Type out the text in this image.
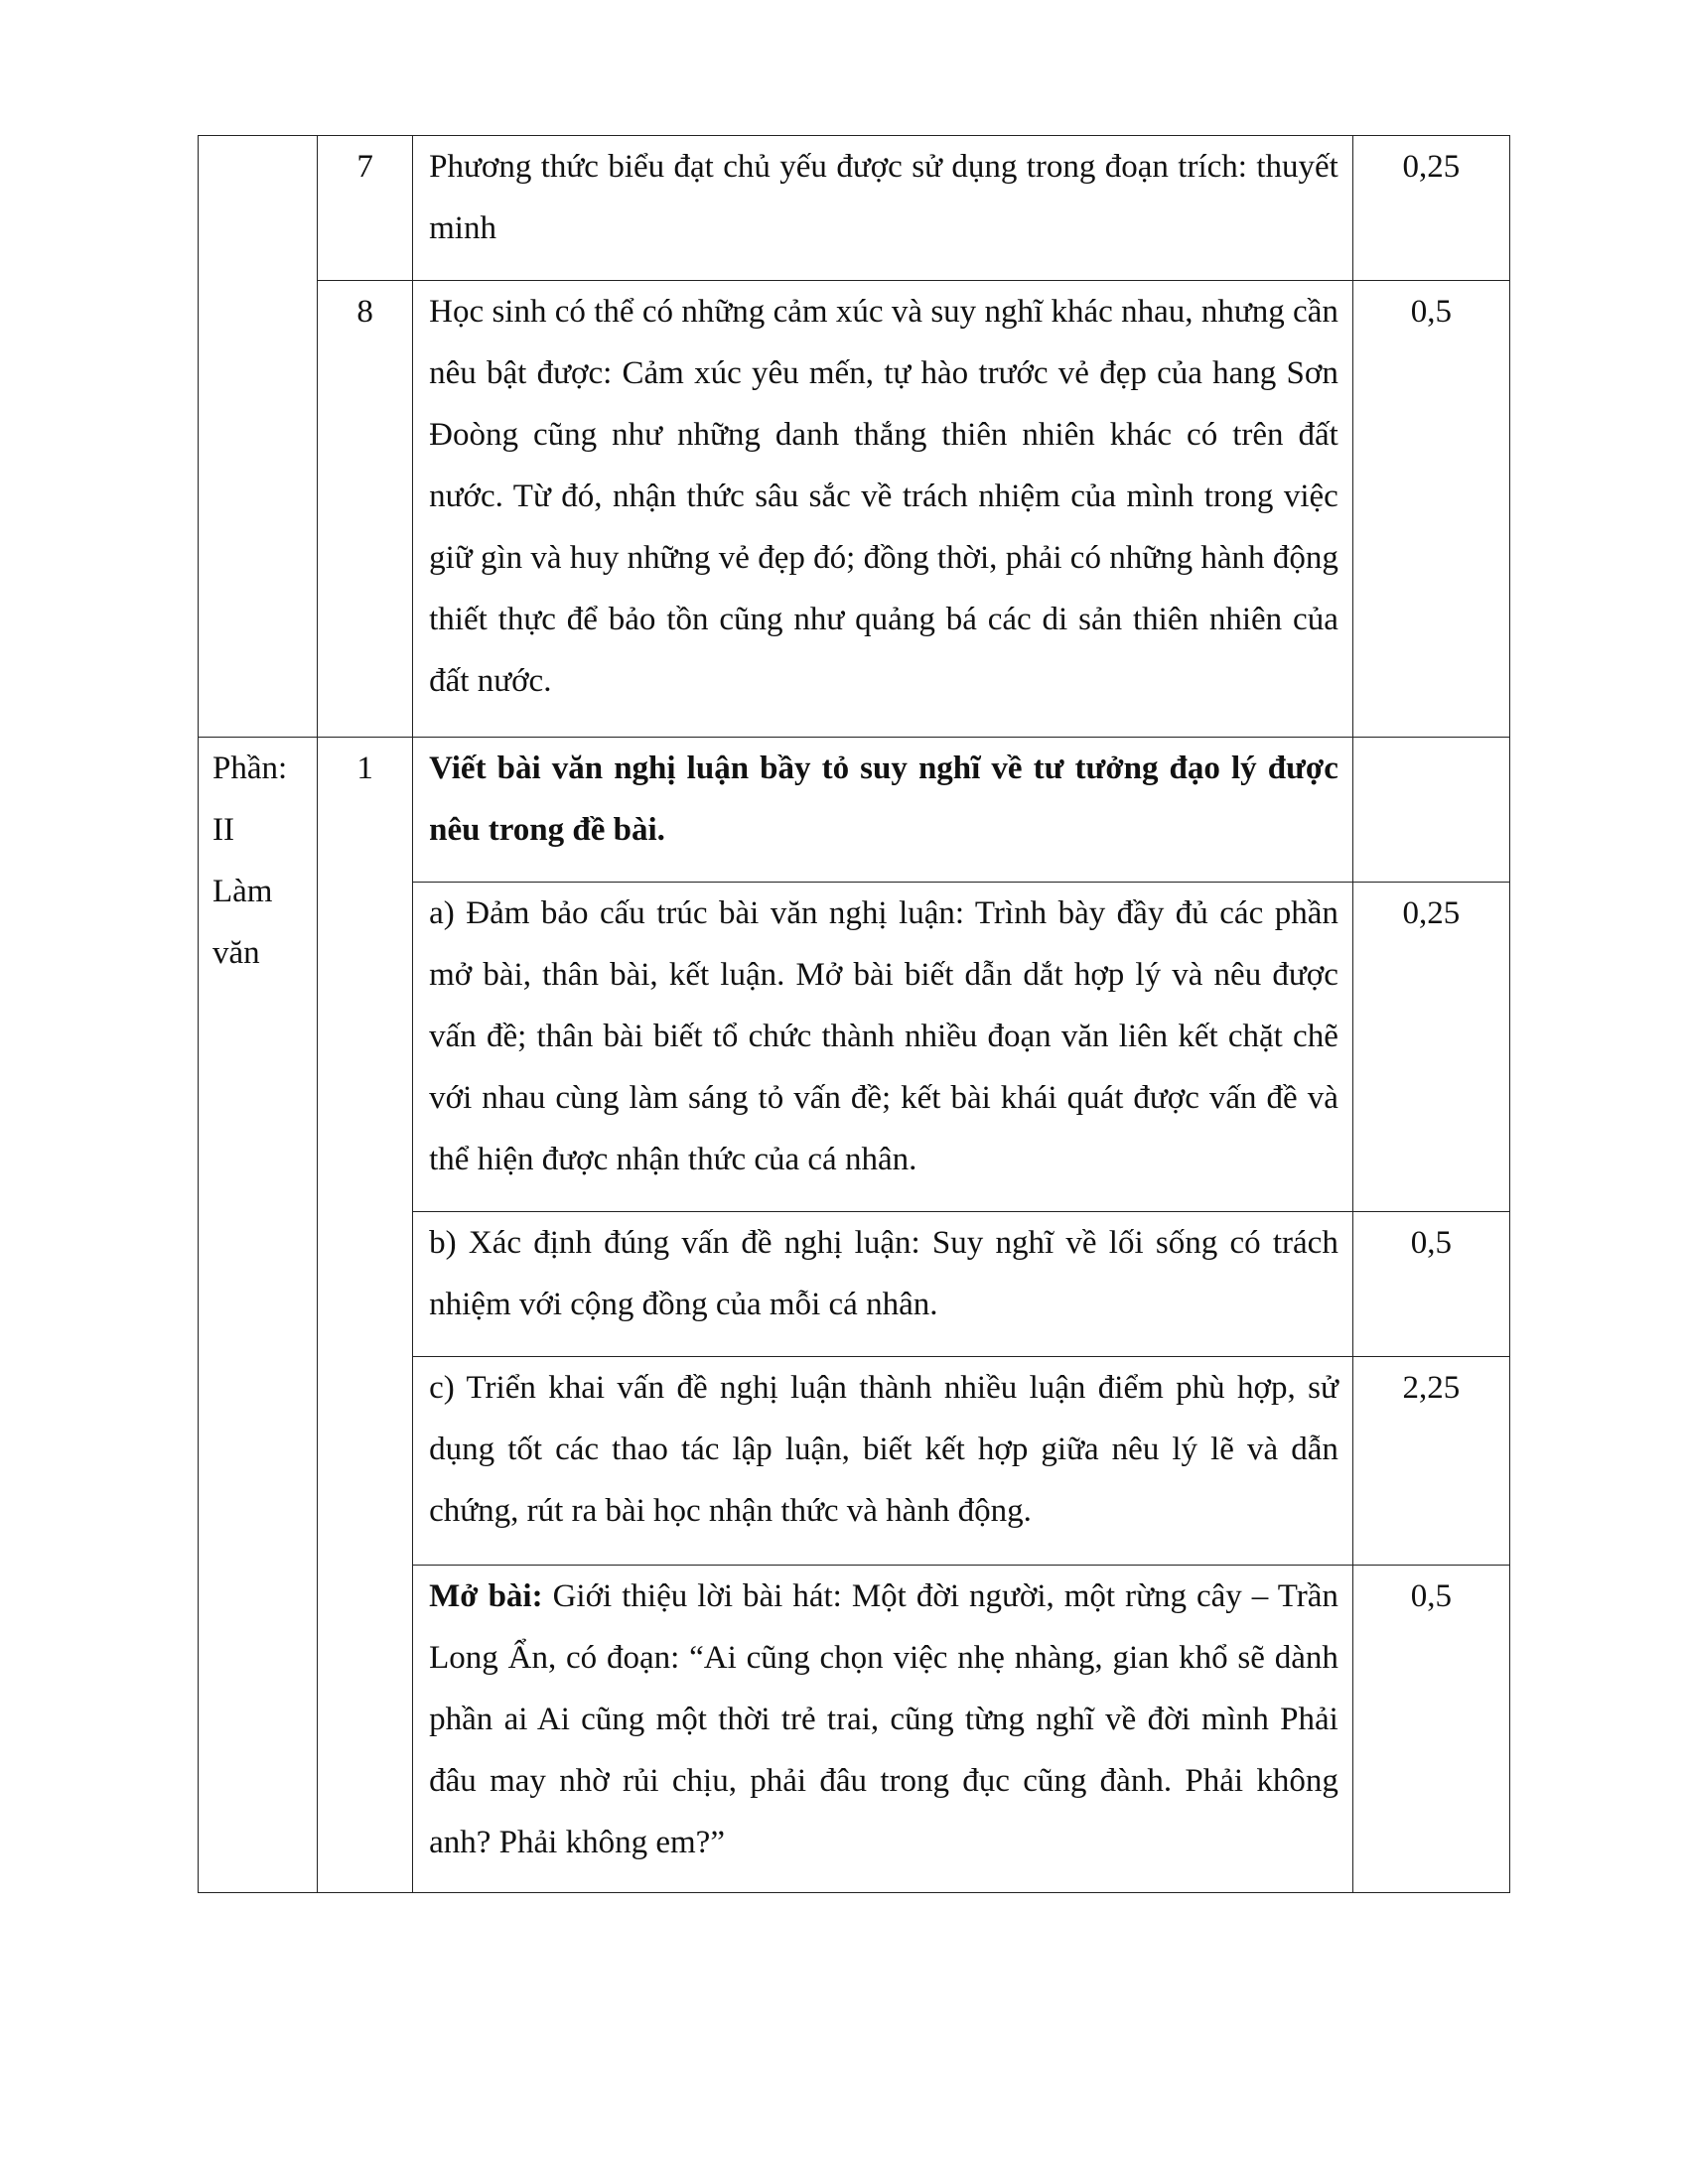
	7	Phương thức biểu đạt chủ yếu được sử dụng trong đoạn trích: thuyết minh	0,25

	8	Học sinh có thể có những cảm xúc và suy nghĩ khác nhau, nhưng cần nêu bật được: Cảm xúc yêu mến, tự hào trước vẻ đẹp của hang Sơn Đoòng cũng như những danh thắng thiên nhiên khác có trên đất nước. Từ đó, nhận thức sâu sắc về trách nhiệm của mình trong việc giữ gìn và huy những vẻ đẹp đó; đồng thời, phải có những hành động thiết thực để bảo tồn cũng như quảng bá các di sản thiên nhiên của đất nước.	0,5

Phần:
II
Làm
văn	1	Viết bài văn nghị luận bầy tỏ suy nghĩ về tư tưởng đạo lý được nêu trong đề bài.	

		a) Đảm bảo cấu trúc bài văn nghị luận: Trình bày đầy đủ các phần mở bài, thân bài, kết luận. Mở bài biết dẫn dắt hợp lý và nêu được vấn đề; thân bài biết tổ chức thành nhiều đoạn văn liên kết chặt chẽ với nhau cùng làm sáng tỏ vấn đề; kết bài khái quát được vấn đề và thể hiện được nhận thức của cá nhân.	0,25

		b) Xác định đúng vấn đề nghị luận: Suy nghĩ về lối sống có trách nhiệm với cộng đồng của mỗi cá nhân.	0,5

		c) Triển khai vấn đề nghị luận thành nhiều luận điểm phù hợp, sử dụng tốt các thao tác lập luận, biết kết hợp giữa nêu lý lẽ và dẫn chứng, rút ra bài học nhận thức và hành động.	2,25

		Mở bài: Giới thiệu lời bài hát: Một đời người, một rừng cây – Trần Long Ẩn, có đoạn: “Ai cũng chọn việc nhẹ nhàng, gian khổ sẽ dành phần ai Ai cũng một thời trẻ trai, cũng từng nghĩ về đời mình Phải đâu may nhờ rủi chịu, phải đâu trong đục cũng đành. Phải không anh? Phải không em?”	0,5
